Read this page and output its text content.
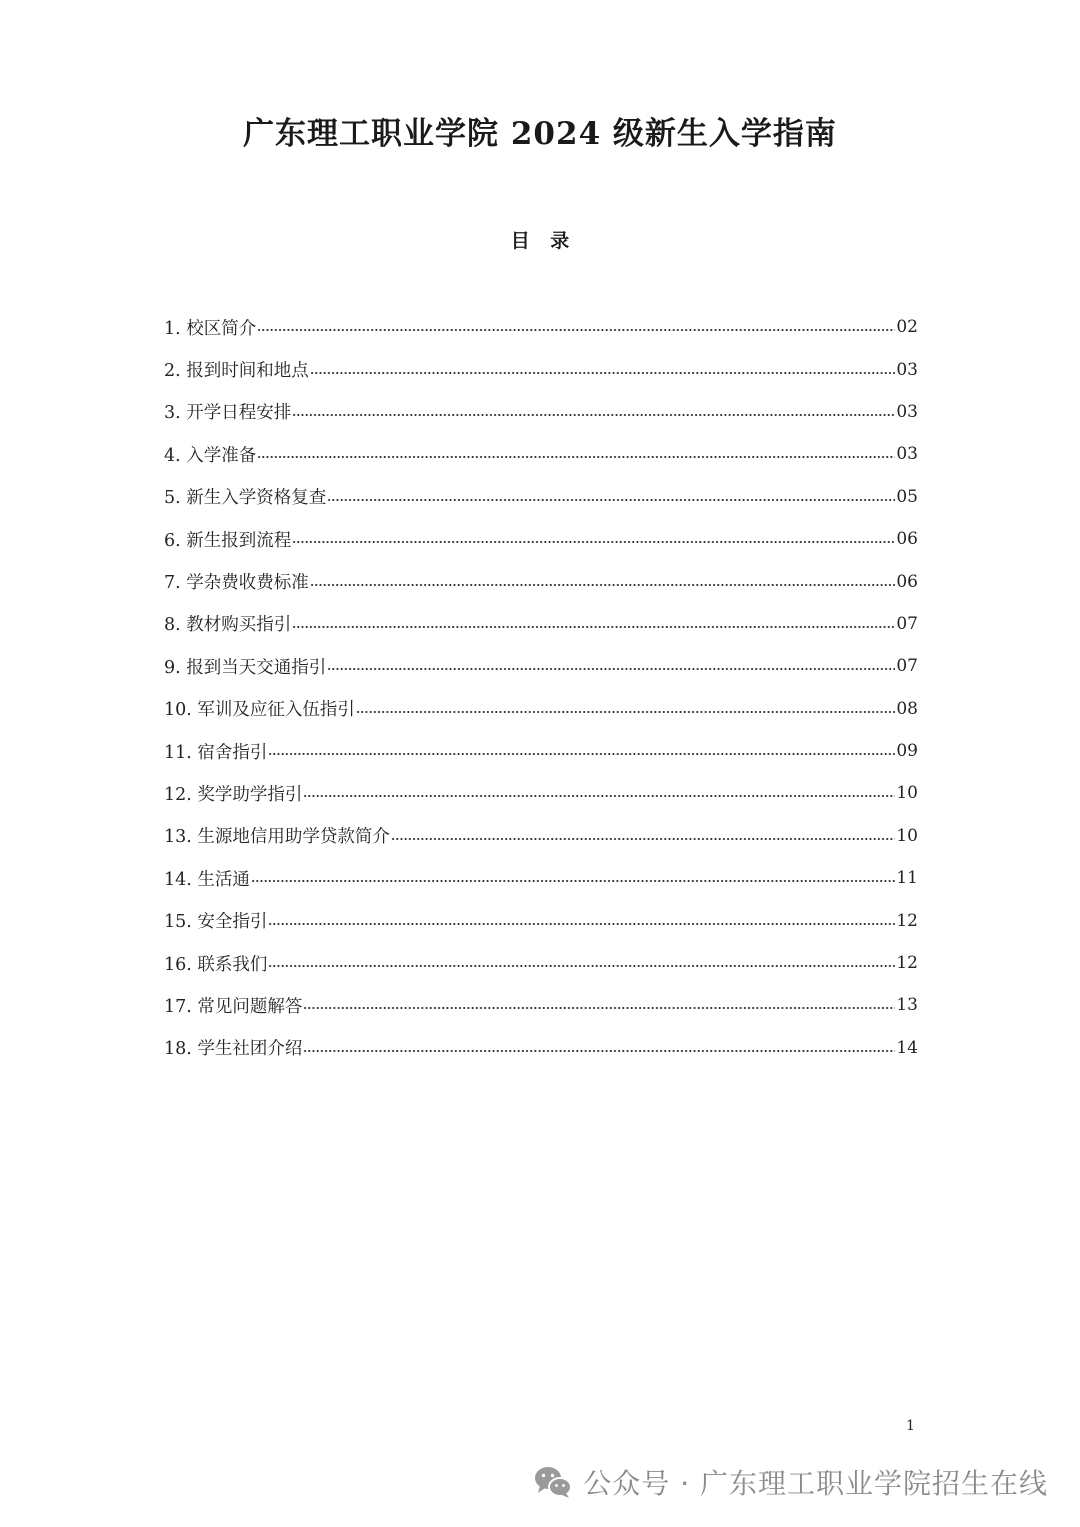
广东理工职业学院 2024 级新生入学指南
目 录
1. 校区简介	02
2. 报到时间和地点	03
3. 开学日程安排	03
4. 入学准备	03
5. 新生入学资格复查	05
6. 新生报到流程	06
7. 学杂费收费标准	06
8. 教材购买指引	07
9. 报到当天交通指引	07
10. 军训及应征入伍指引	08
11. 宿舍指引	09
12. 奖学助学指引	10
13. 生源地信用助学贷款简介	10
14. 生活通	11
15. 安全指引	12
16. 联系我们	12
17. 常见问题解答	13
18. 学生社团介绍	14
1
公众号 · 广东理工职业学院招生在线
